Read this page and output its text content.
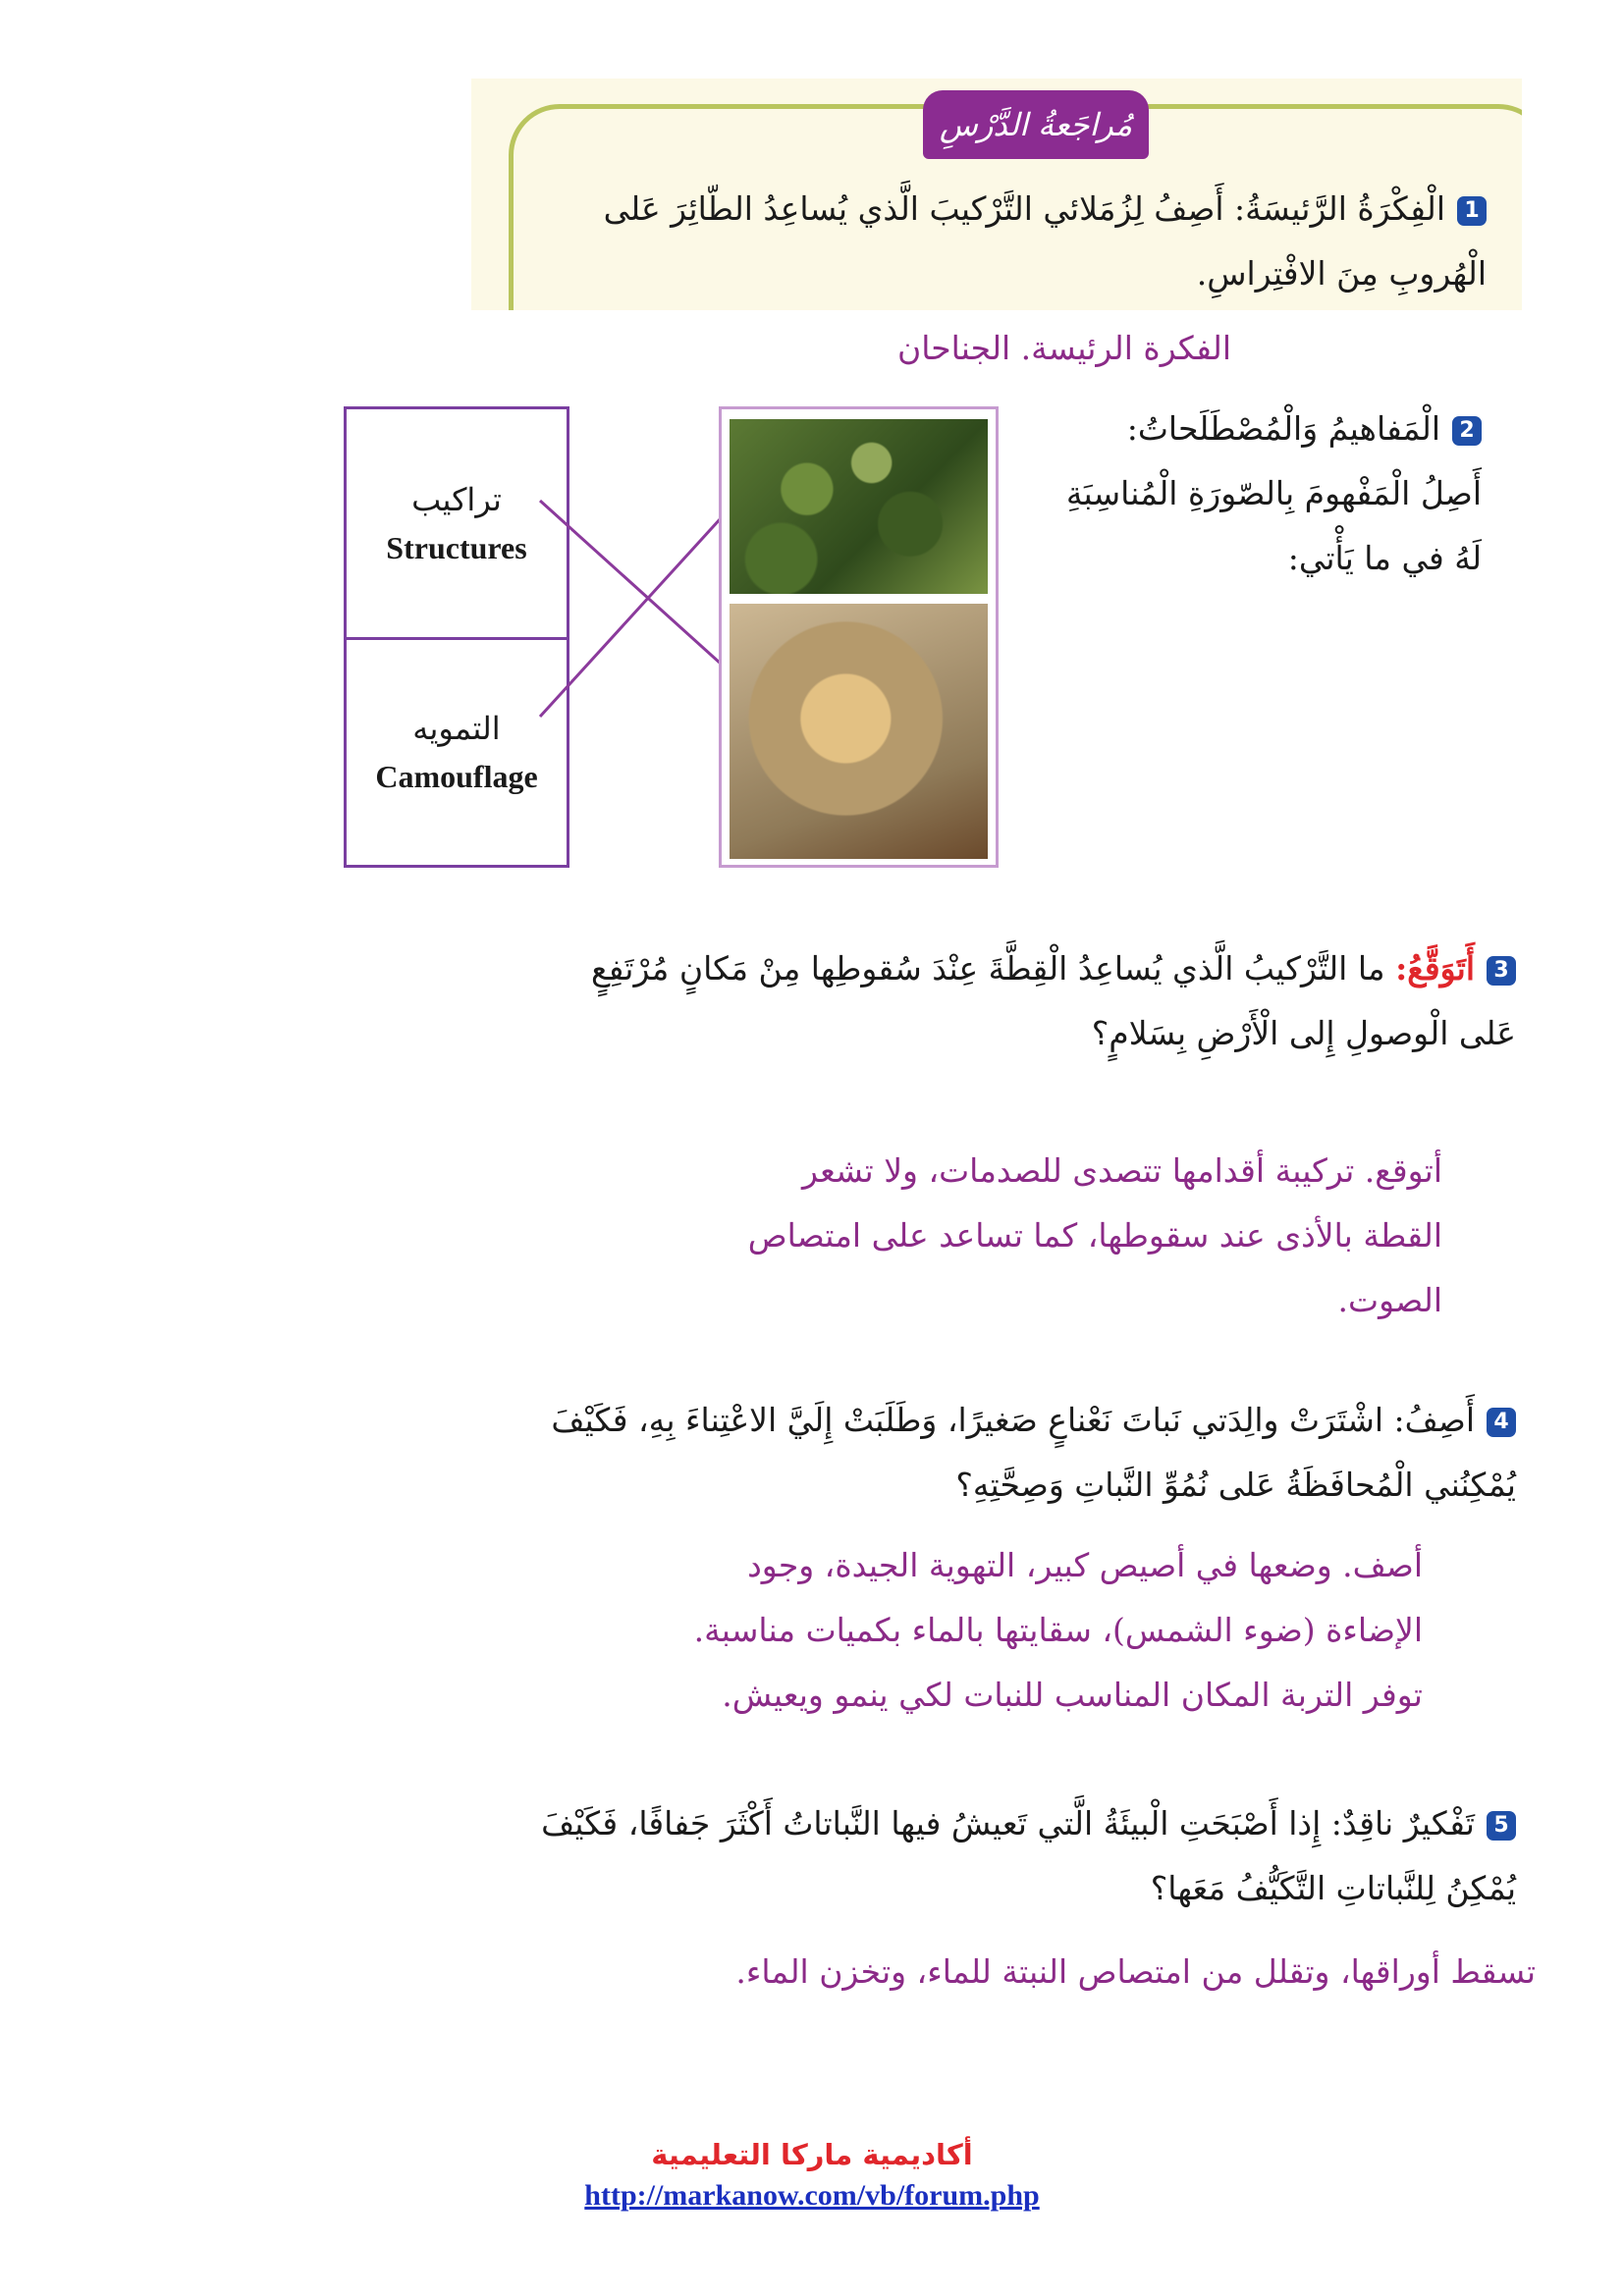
مُراجَعةُ الدَّرْسِ
1الْفِكْرَةُ الرَّئيسَةُ: أَصِفُ لِزُمَلائي التَّرْكيبَ الَّذي يُساعِدُ الطّائِرَ عَلى الْهُروبِ مِنَ الافْتِراسِ.
الفكرة الرئيسة. الجناحان
2الْمَفاهيمُ وَالْمُصْطَلَحاتُ: أَصِلُ الْمَفْهومَ بِالصّورَةِ الْمُناسِبَةِ لَهُ في ما يَأْتي:
تراكيب
Structures
التمويه
Camouflage
3أَتَوَقَّعُ: ما التَّرْكيبُ الَّذي يُساعِدُ الْقِطَّةَ عِنْدَ سُقوطِها مِنْ مَكانٍ مُرْتَفِعٍ عَلى الْوصولِ إِلى الْأَرْضِ بِسَلامٍ؟
أتوقع. تركيبة أقدامها تتصدى للصدمات، ولا تشعر القطة بالأذى عند سقوطها، كما تساعد على امتصاص الصوت.
4أَصِفُ: اشْتَرَتْ والِدَتي نَباتَ نَعْناعٍ صَغيرًا، وَطَلَبَتْ إِلَيَّ الاعْتِناءَ بِهِ، فَكَيْفَ يُمْكِنُني الْمُحافَظَةُ عَلى نُمُوِّ النَّباتِ وَصِحَّتِهِ؟
أصف. وضعها في أصيص كبير، التهوية الجيدة، وجود الإضاءة (ضوء الشمس)، سقايتها بالماء بكميات مناسبة. توفر التربة المكان المناسب للنبات لكي ينمو ويعيش.
5تَفْكيرٌ ناقِدٌ: إِذا أَصْبَحَتِ الْبيئَةُ الَّتي تَعيشُ فيها النَّباتاتُ أَكْثَرَ جَفافًا، فَكَيْفَ يُمْكِنُ لِلنَّباتاتِ التَّكَيُّفُ مَعَها؟
تسقط أوراقها، وتقلل من امتصاص النبتة للماء، وتخزن الماء.
أكاديمية ماركا التعليمية
http://markanow.com/vb/forum.php
